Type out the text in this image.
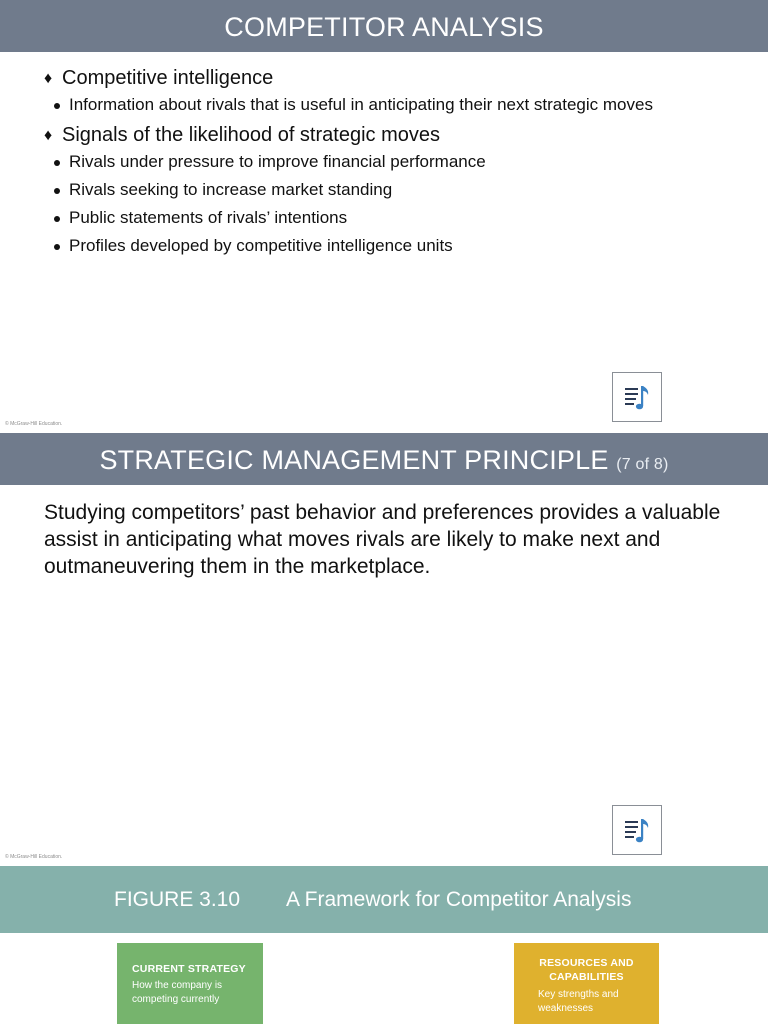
COMPETITOR ANALYSIS
♦ Competitive intelligence
Information about rivals that is useful in anticipating their next strategic moves
♦ Signals of the likelihood of strategic moves
Rivals under pressure to improve financial performance
Rivals seeking to increase market standing
Public statements of rivals’ intentions
Profiles developed by competitive intelligence units
© McGraw-Hill Education.
STRATEGIC MANAGEMENT PRINCIPLE (7 of 8)

Studying competitors’ past behavior and preferences provides a valuable assist in anticipating what moves rivals are likely to make next and outmaneuvering them in the marketplace.

© McGraw-Hill Education.
FIGURE 3.10 A Framework for Competitor Analysis
CURRENT STRATEGY
How the company is competing currently
RESOURCES AND CAPABILITIES
Key strengths and weaknesses
